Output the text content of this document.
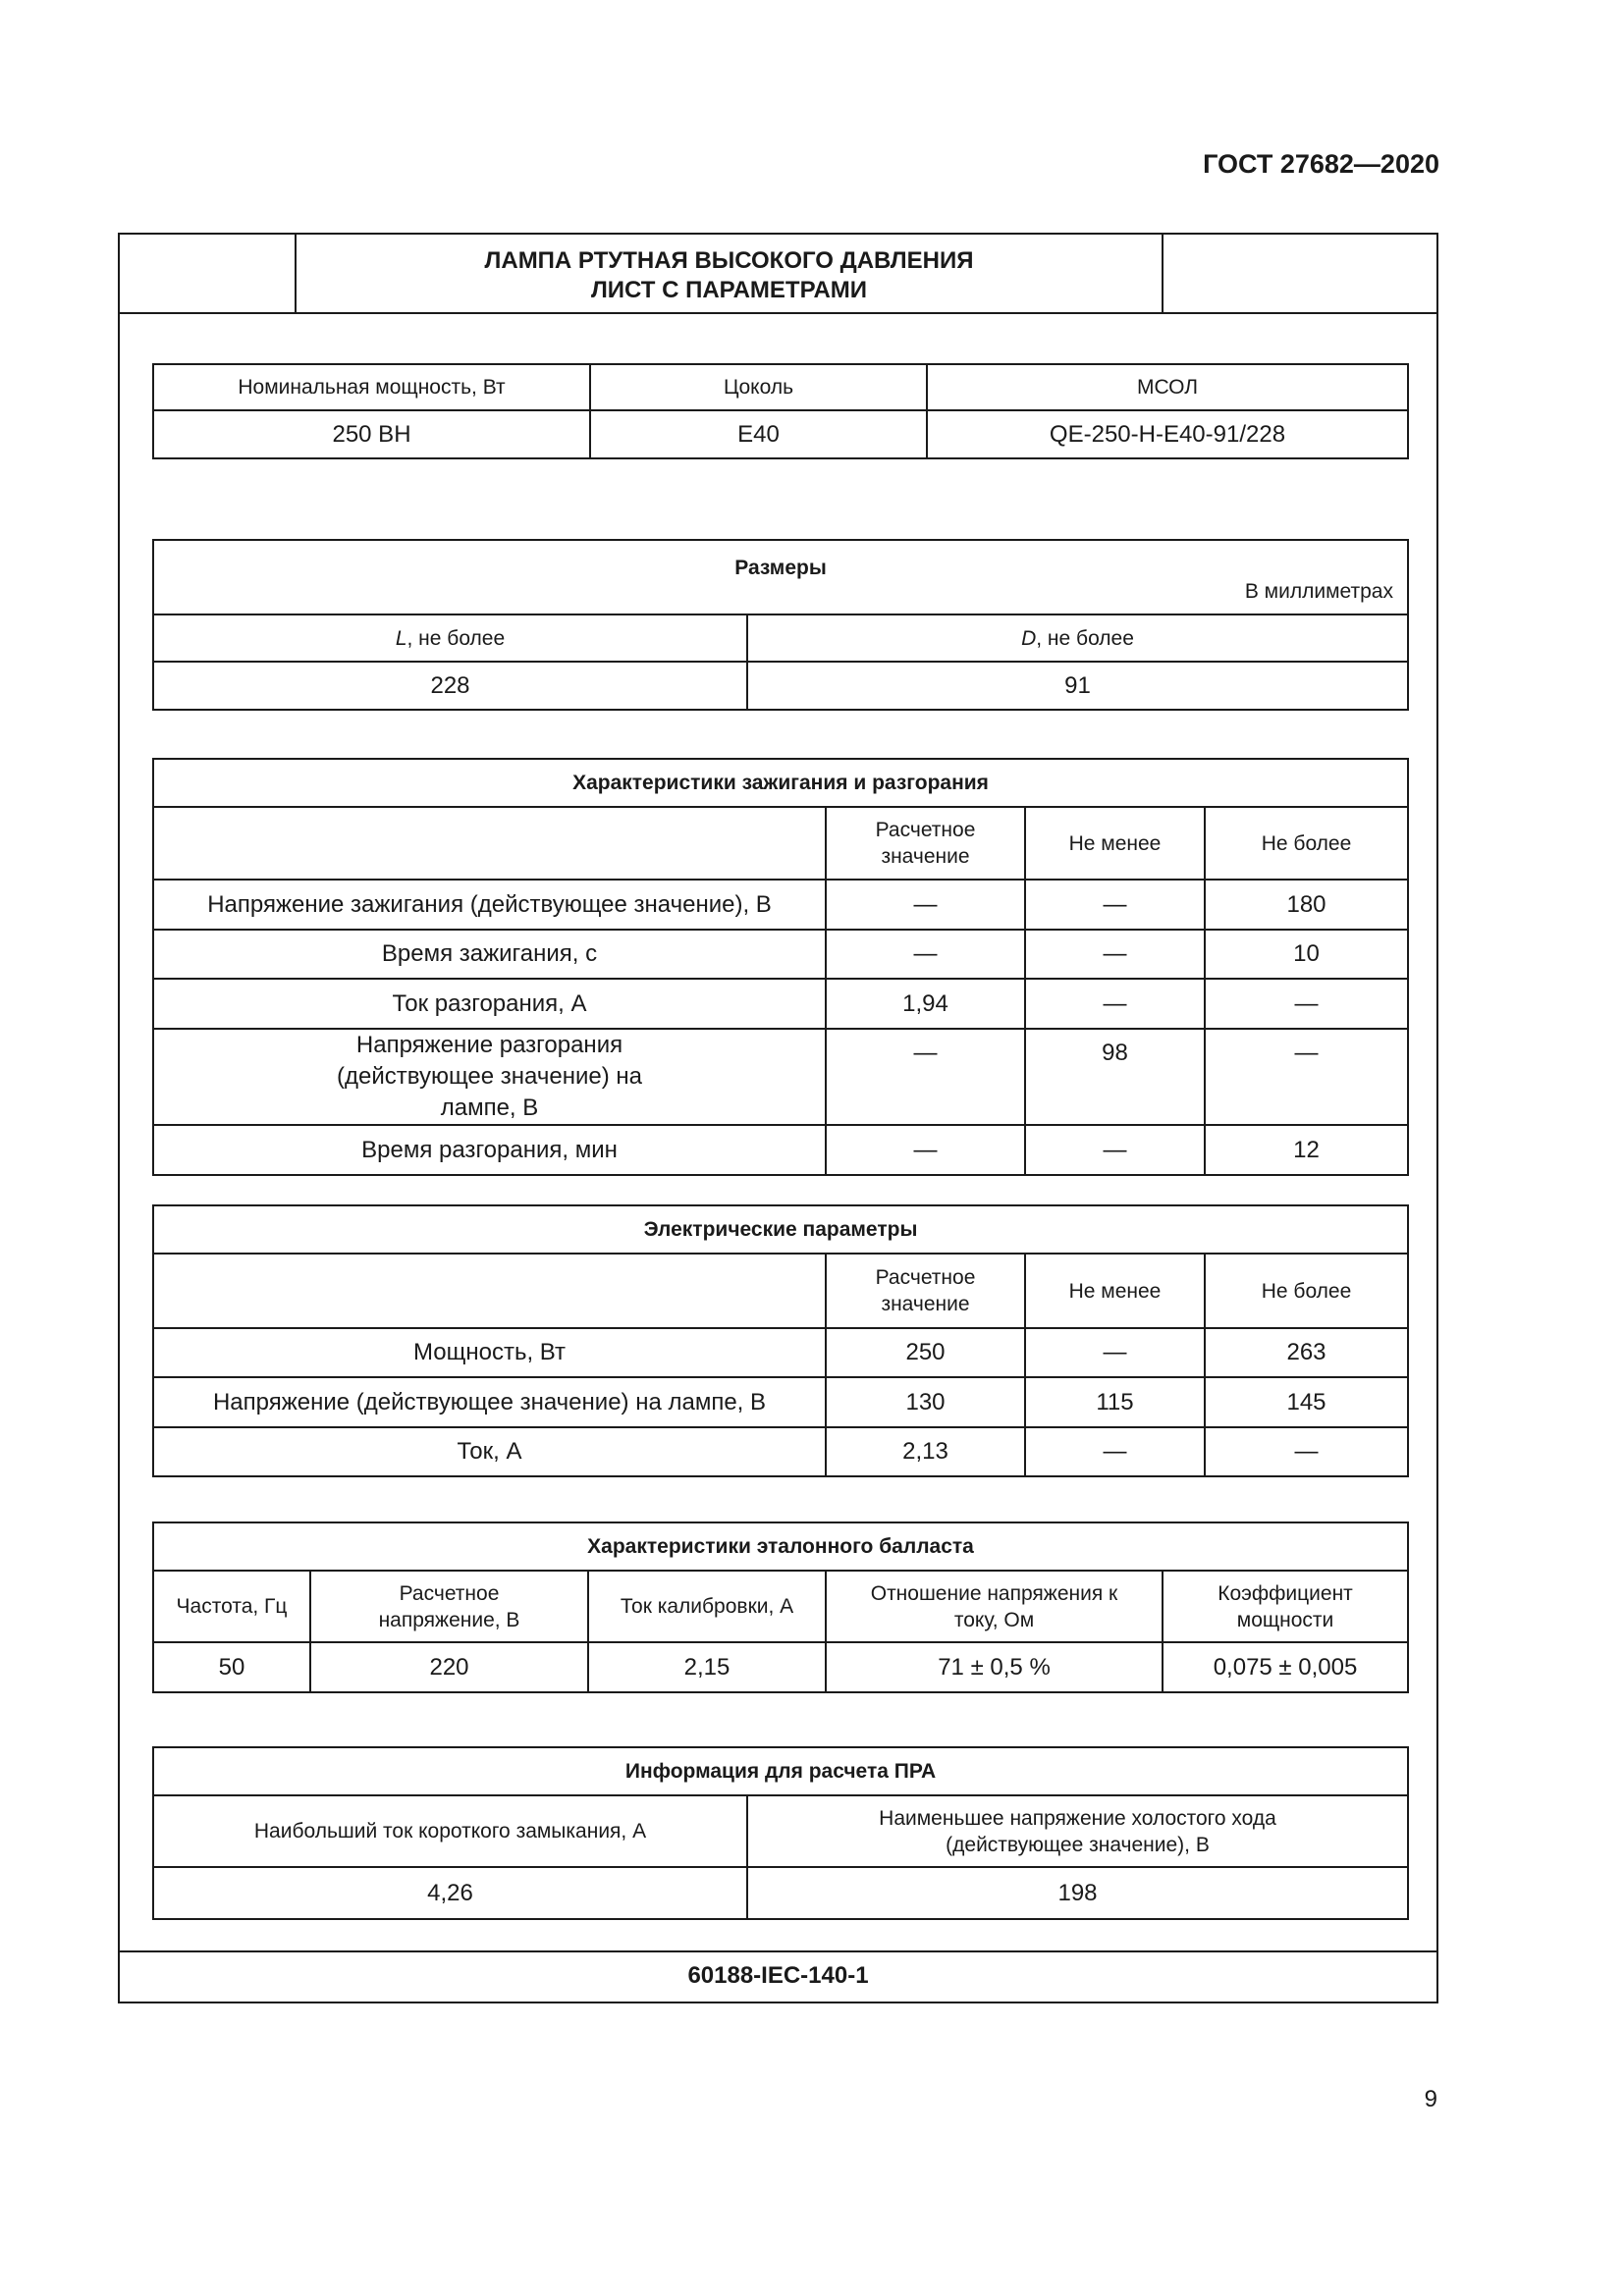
ГОСТ 27682—2020
ЛАМПА РТУТНАЯ ВЫСОКОГО ДАВЛЕНИЯ
ЛИСТ С ПАРАМЕТРАМИ
Номинальная мощность, Вт	Цоколь	МСОЛ
250 ВН	Е40	QE-250-H-E40-91/228
Размеры
В миллиметрах	

L, не более	D, не более
228	91
Характеристики зажигания и разгорания			
	Расчетное значение	Не менее	Не более
Напряжение зажигания (действующее значение), В	—	—	180
Время зажигания, с	—	—	10
Ток разгорания, А	1,94	—	—
Напряжение разгорания (действующее значение) на лампе, В	—	98	—
Время разгорания, мин	—	—	12
Электрические параметры			
	Расчетное значение	Не менее	Не более
Мощность, Вт	250	—	263
Напряжение (действующее значение) на лампе, В	130	115	145
Ток, А	2,13	—	—
Характеристики эталонного балласта				
Частота, Гц	Расчетное напряжение, В	Ток калибровки, А	Отношение напряжения к току, Ом	Коэффициент мощности
50	220	2,15	71 ± 0,5 %	0,075 ± 0,005
Информация для расчета ПРА	
Наибольший ток короткого замыкания, А	Наименьшее напряжение холостого хода (действующее значение), В
4,26	198
60188-IEC-140-1
9
